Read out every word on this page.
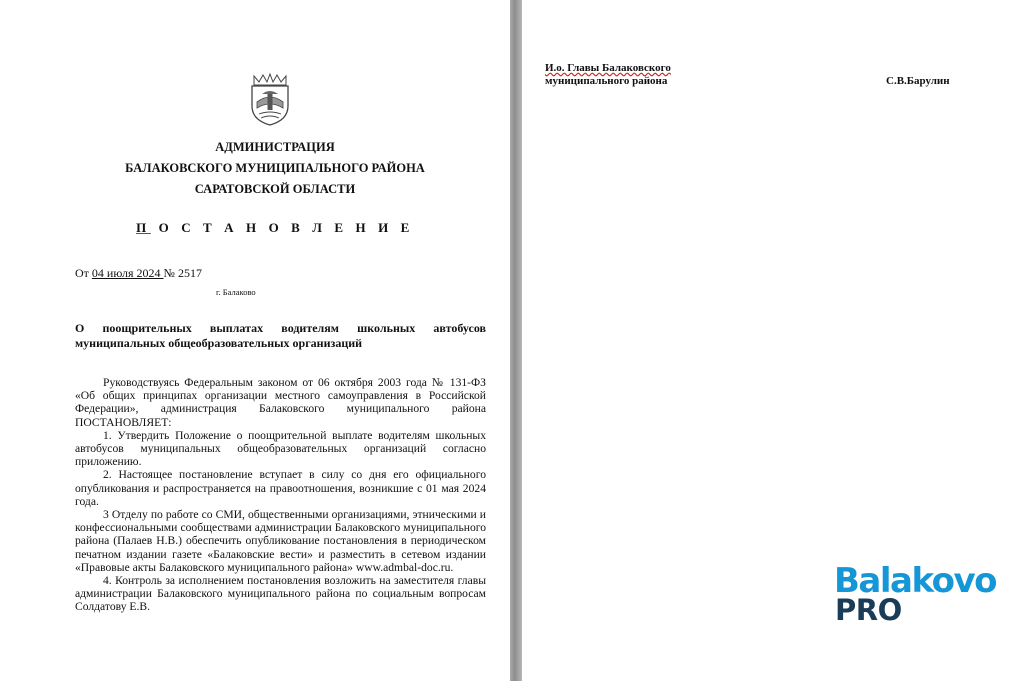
АДМИНИСТРАЦИЯ
БАЛАКОВСКОГО МУНИЦИПАЛЬНОГО РАЙОНА
САРАТОВСКОЙ ОБЛАСТИ
П О С Т А Н О В Л Е Н И Е
От 04 июля 2024 № 2517
г. Балаково
О поощрительных выплатах водителям школьных автобусов муниципальных общеобразовательных организаций

Руководствуясь Федеральным законом от 06 октября 2003 года № 131-ФЗ «Об общих принципах организации местного самоуправления в Российской Федерации», администрация Балаковского муниципального района ПОСТАНОВЛЯЕТ:

1. Утвердить Положение о поощрительной выплате водителям школьных автобусов муниципальных общеобразовательных организаций согласно приложению.

2. Настоящее постановление вступает в силу со дня его официального опубликования и распространяется на правоотношения, возникшие с 01 мая 2024 года.

3 Отделу по работе со СМИ, общественными организациями, этническими и конфессиональными сообществами администрации Балаковского муниципального района (Палаев Н.В.) обеспечить опубликование постановления в периодическом печатном издании газете «Балаковские вести» и разместить в сетевом издании «Правовые акты Балаковского муниципального района» www.admbal-doc.ru.

4. Контроль за исполнением постановления возложить на заместителя главы администрации Балаковского муниципального района по социальным вопросам Солдатову Е.В.

И.о. Главы Балаковского
муниципального района	С.В.Барулин
Balakovo
PRO
